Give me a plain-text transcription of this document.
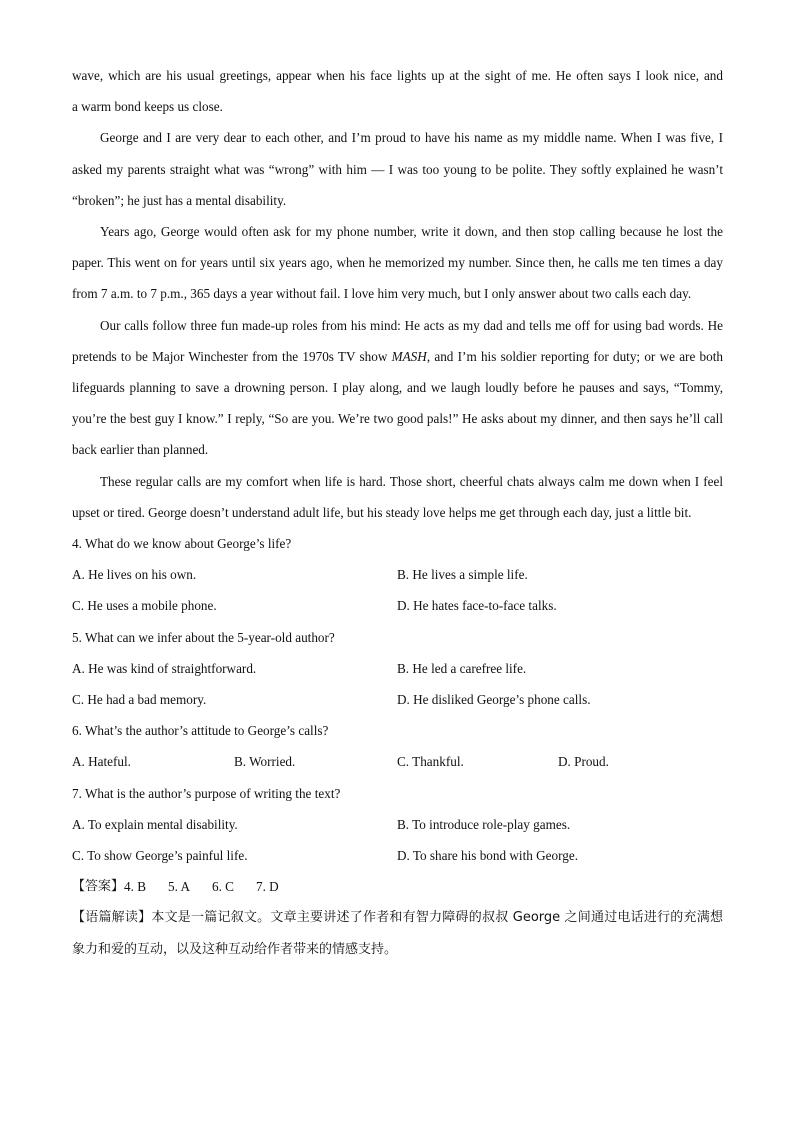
wave, which are his usual greetings, appear when his face lights up at the sight of me. He often says I look nice, and

a warm bond keeps us close.

George and I are very dear to each other, and I’m proud to have his name as my middle name. When I was five, I asked my parents straight what was “wrong” with him — I was too young to be polite. They softly explained he wasn’t “broken”; he just has a mental disability.

Years ago, George would often ask for my phone number, write it down, and then stop calling because he lost the paper. This went on for years until six years ago, when he memorized my number. Since then, he calls me ten times a day from 7 a.m. to 7 p.m., 365 days a year without fail. I love him very much, but I only answer about two calls each day.

Our calls follow three fun made-up roles from his mind: He acts as my dad and tells me off for using bad words. He pretends to be Major Winchester from the 1970s TV show MASH, and I’m his soldier reporting for duty; or we are both lifeguards planning to save a drowning person. I play along, and we laugh loudly before he pauses and says, “Tommy, you’re the best guy I know.” I reply, “So are you. We’re two good pals!” He asks about my dinner, and then says he’ll call back earlier than planned.

These regular calls are my comfort when life is hard. Those short, cheerful chats always calm me down when I feel upset or tired. George doesn’t understand adult life, but his steady love helps me get through each day, just a little bit.

4. What do we know about George’s life?
A. He lives on his own.	B. He lives a simple life.
C. He uses a mobile phone.	D. He hates face-to-face talks.
5. What can we infer about the 5-year-old author?
A. He was kind of straightforward.	B. He led a carefree life.
C. He had a bad memory.	D. He disliked George’s phone calls.
6. What’s the author’s attitude to George’s calls?
A. Hateful.	B. Worried.	C. Thankful.	D. Proud.
7. What is the author’s purpose of writing the text?
A. To explain mental disability.	B. To introduce role-play games.
C. To show George’s painful life.	D. To share his bond with George.
【答案】 4. B 5. A 6. C 7. D

【语篇解读】本文是一篇记叙文。文章主要讲述了作者和有智力障碍的叔叔 George 之间通过电话进行的充满想象力和爱的互动，以及这种互动给作者带来的情感支持。
